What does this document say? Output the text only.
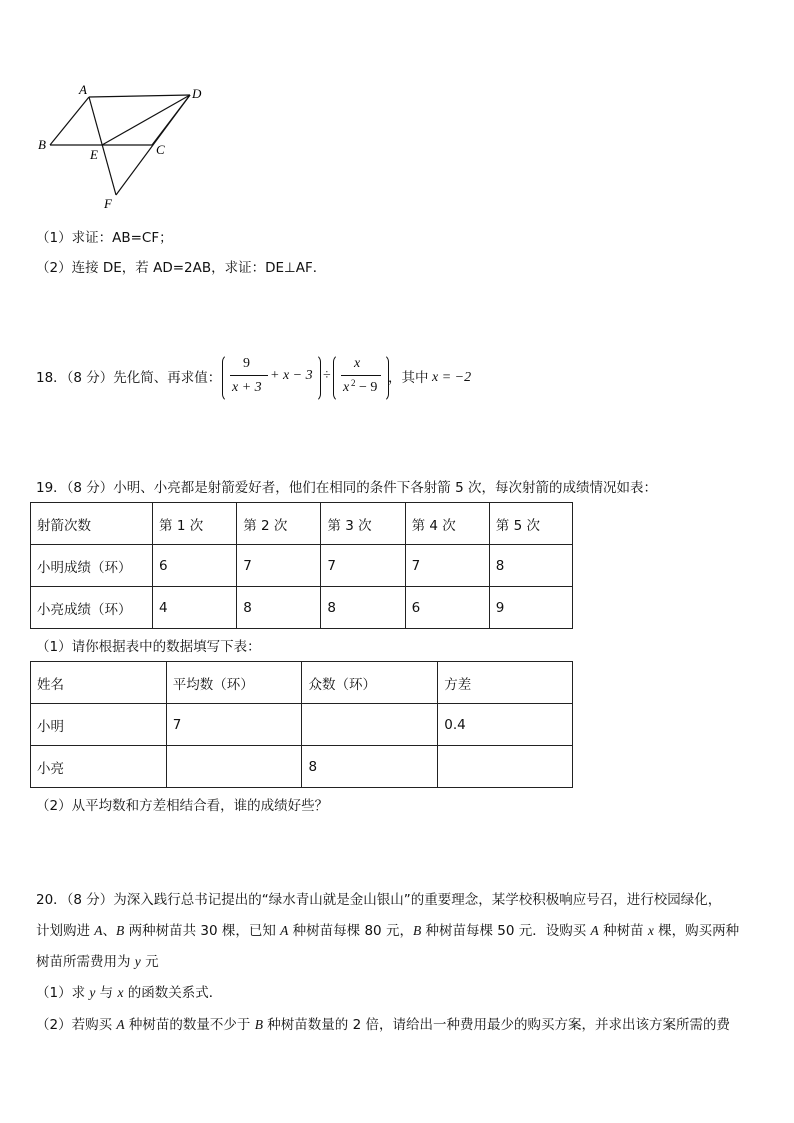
A	D
B
E	C
F
（1）求证：AB=CF；
（2）连接 DE，若 AD=2AB，求证：DE⊥AF．
18．（8 分）先化简、再求值：
9
x + 3
+ x − 3 ÷
x
x 2 − 9
，其中 x = −2
19．（8 分）小明、小亮都是射箭爱好者，他们在相同的条件下各射箭 5 次，每次射箭的成绩情况如表：
射箭次数	第 1 次	第 2 次	第 3 次	第 4 次	第 5 次
小明成绩（环）	6	7	7	7	8
小亮成绩（环）	4	8	8	6	9
（1）请你根据表中的数据填写下表：
姓名	平均数（环）	众数（环）	方差
小明	7		0.4
小亮		8	
（2）从平均数和方差相结合看，谁的成绩好些？
20．（8 分）为深入践行总书记提出的“绿水青山就是金山银山”的重要理念，某学校积极响应号召，进行校园绿化，
计划购进 A、B 两种树苗共 30 棵，已知 A 种树苗每棵 80 元，B 种树苗每棵 50 元．设购买 A 种树苗 x 棵，购买两种
树苗所需费用为 y 元
（1）求 y 与 x 的函数关系式．
（2）若购买 A 种树苗的数量不少于 B 种树苗数量的 2 倍，请给出一种费用最少的购买方案，并求出该方案所需的费
